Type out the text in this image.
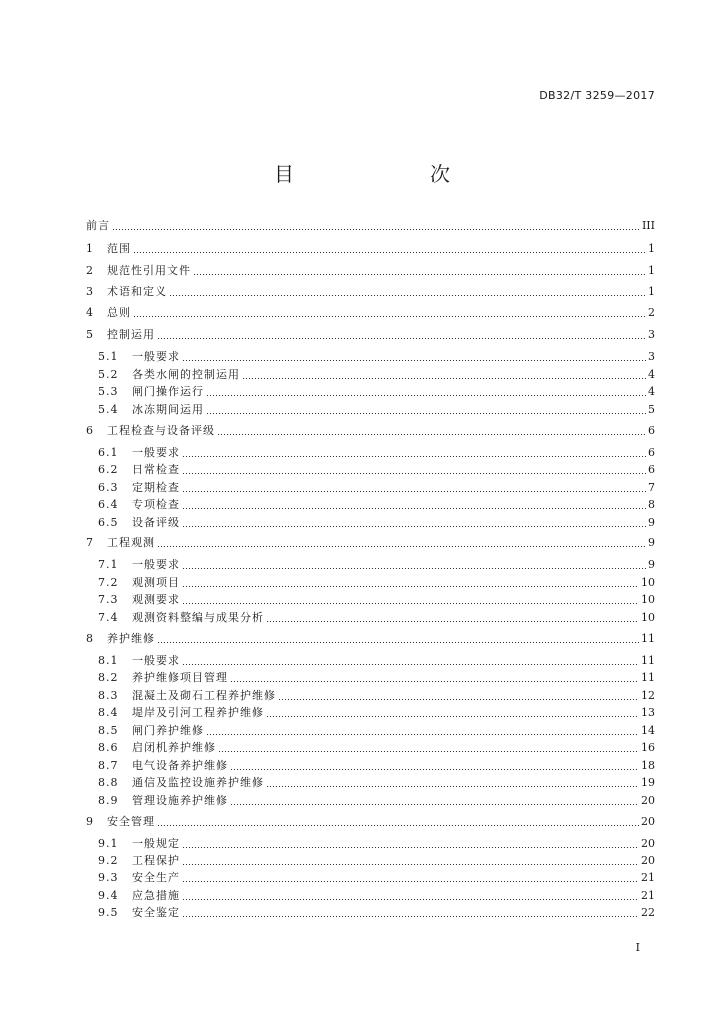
DB32/T 3259—2017
目　　次
前言	III
1	范围	1
2	规范性引用文件	1
3	术语和定义	1
4	总则	2
5	控制运用	3
5.1	一般要求	3
5.2	各类水闸的控制运用	4
5.3	闸门操作运行	4
5.4	冰冻期间运用	5
6	工程检查与设备评级	6
6.1	一般要求	6
6.2	日常检查	6
6.3	定期检查	7
6.4	专项检查	8
6.5	设备评级	9
7	工程观测	9
7.1	一般要求	9
7.2	观测项目	10
7.3	观测要求	10
7.4	观测资料整编与成果分析	10
8	养护维修	11
8.1	一般要求	11
8.2	养护维修项目管理	11
8.3	混凝土及砌石工程养护维修	12
8.4	堤岸及引河工程养护维修	13
8.5	闸门养护维修	14
8.6	启闭机养护维修	16
8.7	电气设备养护维修	18
8.8	通信及监控设施养护维修	19
8.9	管理设施养护维修	20
9	安全管理	20
9.1	一般规定	20
9.2	工程保护	20
9.3	安全生产	21
9.4	应急措施	21
9.5	安全鉴定	22
I
